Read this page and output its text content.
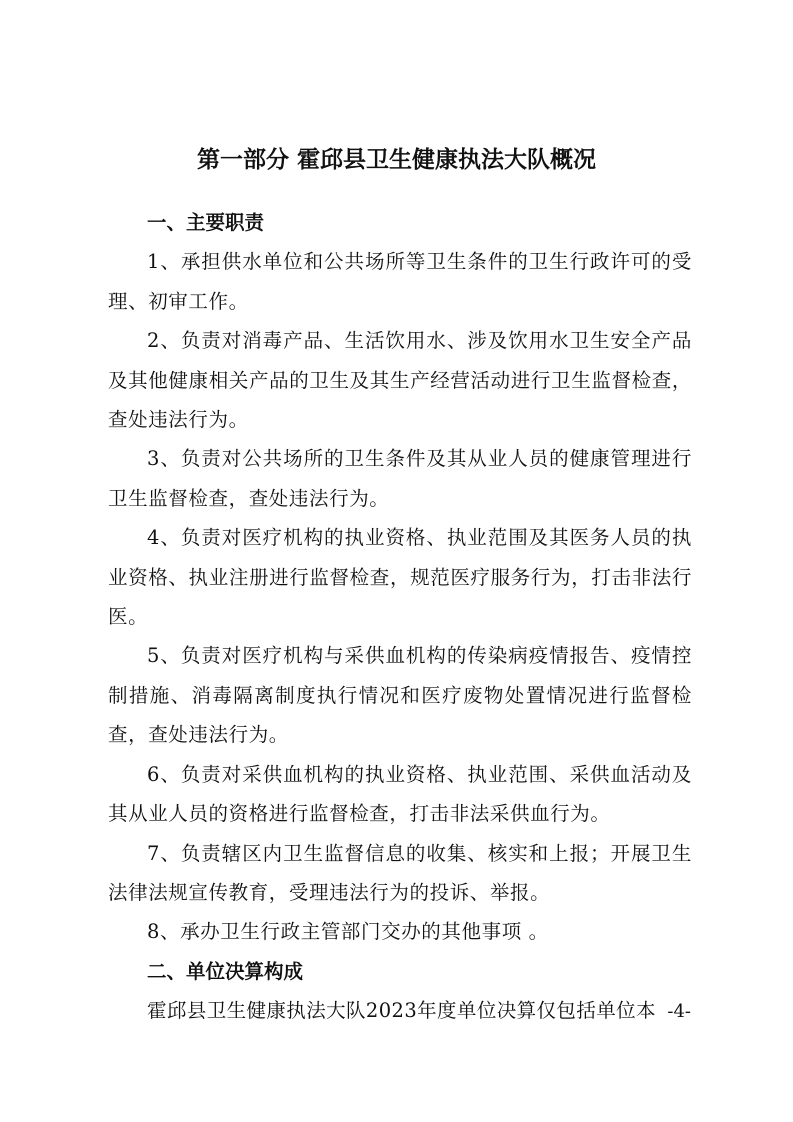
第一部分 霍邱县卫生健康执法大队概况

一、主要职责

1、承担供水单位和公共场所等卫生条件的卫生行政许可的受理、初审工作。

2、负责对消毒产品、生活饮用水、涉及饮用水卫生安全产品及其他健康相关产品的卫生及其生产经营活动进行卫生监督检查，查处违法行为。

3、负责对公共场所的卫生条件及其从业人员的健康管理进行卫生监督检查，查处违法行为。

4、负责对医疗机构的执业资格、执业范围及其医务人员的执业资格、执业注册进行监督检查，规范医疗服务行为，打击非法行医。

5、负责对医疗机构与采供血机构的传染病疫情报告、疫情控制措施、消毒隔离制度执行情况和医疗废物处置情况进行监督检查，查处违法行为。

6、负责对采供血机构的执业资格、执业范围、采供血活动及其从业人员的资格进行监督检查，打击非法采供血行为。

7、负责辖区内卫生监督信息的收集、核实和上报；开展卫生法律法规宣传教育，受理违法行为的投诉、举报。

8、承办卫生行政主管部门交办的其他事项 。

二、单位决算构成

霍邱县卫生健康执法大队2023年度单位决算仅包括单位本 -4-
